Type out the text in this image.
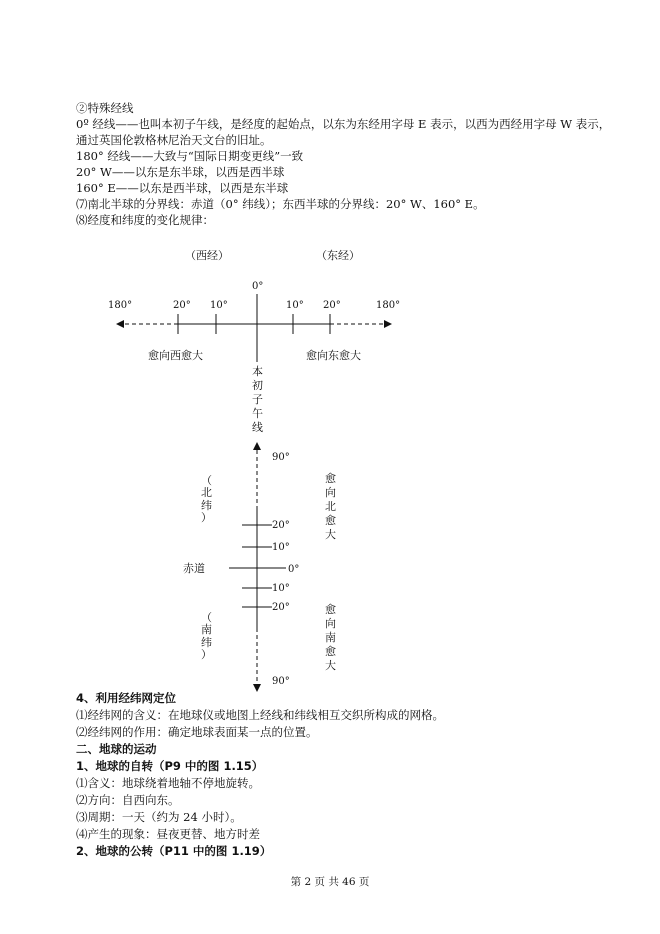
②特殊经线
0º 经线——也叫本初子午线，是经度的起始点，以东为东经用字母 E 表示，以西为西经用字母 W 表示，
通过英国伦敦格林尼治天文台的旧址。
180° 经线——大致与“国际日期变更线”一致
20° W——以东是东半球，以西是西半球
160° E——以东是西半球，以西是东半球
⑺南北半球的分界线：赤道（0° 纬线）；东西半球的分界线：20° W、160° E。
⑻经度和纬度的变化规律：
（西经）	（东经）
0°
180°	20° 10°	10° 20°	180°
愈向西愈大	愈向东愈大
本
初
子
午
线
90°
20°
10°
0°
10°
20°
90°
赤道
（
北
纬
）
（
南
纬
）
愈
向
北
愈
大
愈
向
南
愈
大
4、利用经纬网定位
⑴经纬网的含义：在地球仪或地图上经线和纬线相互交织所构成的网格。
⑵经纬网的作用：确定地球表面某一点的位置。
二、地球的运动
1、地球的自转（P9 中的图 1.15）
⑴含义：地球绕着地轴不停地旋转。
⑵方向：自西向东。
⑶周期：一天（约为 24 小时）。
⑷产生的现象：昼夜更替、地方时差
2、地球的公转（P11 中的图 1.19）
第 2 页 共 46 页
